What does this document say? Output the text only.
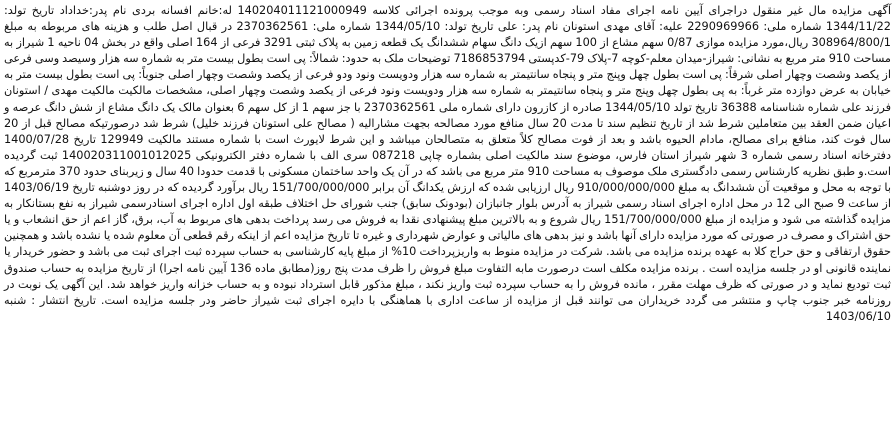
آگهی مزایده مال غیر منقول دراجرای آیین نامه اجرای مفاد اسناد رسمی وبه موجب پرونده اجرائی کلاسه 140204011121000949 له:خانم افسانه بردی نام پدر:خداداد تاریخ تولد: 1344/11/22 شماره ملی: 2290969966 علیه: آقای مهدی استونان نام پدر: علی تاریخ تولد: 1344/05/10 شماره ملی: 2370362561 در قبال اصل طلب و هزینه های مربوطه به مبلغ 308964/800/1 ریال،مورد مزایده موازی 0/87 سهم مشاع از 100 سهم ازیک دانگ سهام ششدانگ یک قطعه زمین به پلاک ثبتی 3291 فرعی از 164 اصلی واقع در بخش 04 ناحیه 1 شیراز به مساحت 910 متر مربع به نشانی: شیراز-میدان معلم-کوچه 7-پلاک 79-کدپستی 7186853794 توضیحات ملک به حدود: شمالاً: پی است بطول بیست متر به شماره سه هزار وسیصد وسی فرعی از یکصد وشصت وچهار اصلی شرقاً: پی است بطول چهل وپنج متر و پنجاه سانتیمتر به شماره سه هزار ودویست ونود ودو فرعی از یکصد وشصت وچهار اصلی جنوباً: پی است بطول بیست متر به خیابان به عرض دوازده متر غرباً: به پی بطول چهل وپنج متر و پنجاه سانتیمتر به شماره سه هزار ودویست ونود فرعی از یکصد وشصت وچهار اصلی، مشخصات مالکیت مالکیت مهدی / استونان فرزند علی شماره شناسنامه 36388 تاریخ تولد 1344/05/10 صادره از کازرون دارای شماره ملی 2370362561 با جز سهم 1 از کل سهم 6 بعنوان مالک یک دانگ مشاع از شش دانگ عرصه و اعیان ضمن العقد بین متعاملین شرط شد از تاریخ تنظیم سند تا مدت 20 سال منافع مورد مصالحه بجهت مشارالیه ( مصالح علی استونان فرزند خلیل) شرط شد درصورتیکه مصالح قبل از 20 سال فوت کند، منافع برای مصالح، مادام الحیوه باشد و بعد از فوت مصالح کلاً متعلق به متصالحان میباشد و این شرط لایورث است با شماره مستند مالکیت 129949 تاریخ 1400/07/28 دفترخانه اسناد رسمی شماره 3 شهر شیراز استان فارس، موضوع سند مالکیت اصلی بشماره چاپی 087218 سری الف با شماره دفتر الکترونیکی 140020311001012025 ثبت گردیده است.و طبق نظریه کارشناس رسمی دادگستری ملک موصوف به مساحت 910 متر مربع می باشد که در آن یک واحد ساختمان مسکونی با قدمت حدودا 40 سال و زیربنای حدود 370 مترمربع که با توجه به محل و موقعیت آن ششدانگ به مبلغ 910/000/000/000 ریال ارزیابی شده که ارزش یکدانگ آن برابر 151/700/000/000 ریال برآورد گردیده که در روز دوشنبه تاریخ 1403/06/19 از ساعت 9 صبح الی 12 در محل اداره اجرای اسناد رسمی شیراز به آدرس بلوار جانبازان (بودونک سابق) جنب شورای حل اختلاف طبقه اول اداره اجرای اسنادرسمی شیراز به نفع بستانکار به مزایده گذاشته می شود و مزایده از مبلغ 151/700/000/000 ریال شروع و به بالاترین مبلغ پیشنهادی نقدا به فروش می رسد پرداخت بدهی های مربوط به آب، برق، گاز اعم از حق انشعاب و یا حق اشتراک و مصرف در صورتی که مورد مزایده دارای آنها باشد و نیز بدهی های مالیاتی و عوارض شهرداری و غیره تا تاریخ مزایده اعم از اینکه رقم قطعی آن معلوم شده یا نشده باشد و همچنین حقوق ارتفاقی و حق حراج کلا به عهده برنده مزایده می باشد. شرکت در مزایده منوط به واریزپرداخت 10% از مبلغ پایه کارشناسی به حساب سپرده ثبت اجرای ثبت می باشد و حضور خریدار یا نماینده قانونی او در جلسه مزایده است . برنده مزایده مکلف است درصورت مابه التفاوت مبلغ فروش را ظرف مدت پنج روز(مطابق ماده 136 آیین نامه اجرا) از تاریخ مزایده به حساب صندوق ثبت تودیع نماید و در صورتی که ظرف مهلت مقرر ، مانده فروش را به حساب سپرده ثبت واریز نکند ، مبلغ مذکور قابل استرداد نبوده و به حساب خزانه واریز خواهد شد. این آگهی یک نوبت در روزنامه خبر جنوب چاپ و منتشر می گردد خریداران می توانند قبل از مزایده از ساعت اداری با هماهنگی با دایره اجرای ثبت شیراز حاضر ودر جلسه مزایده است. تاریخ انتشار : شنبه 1403/06/10
